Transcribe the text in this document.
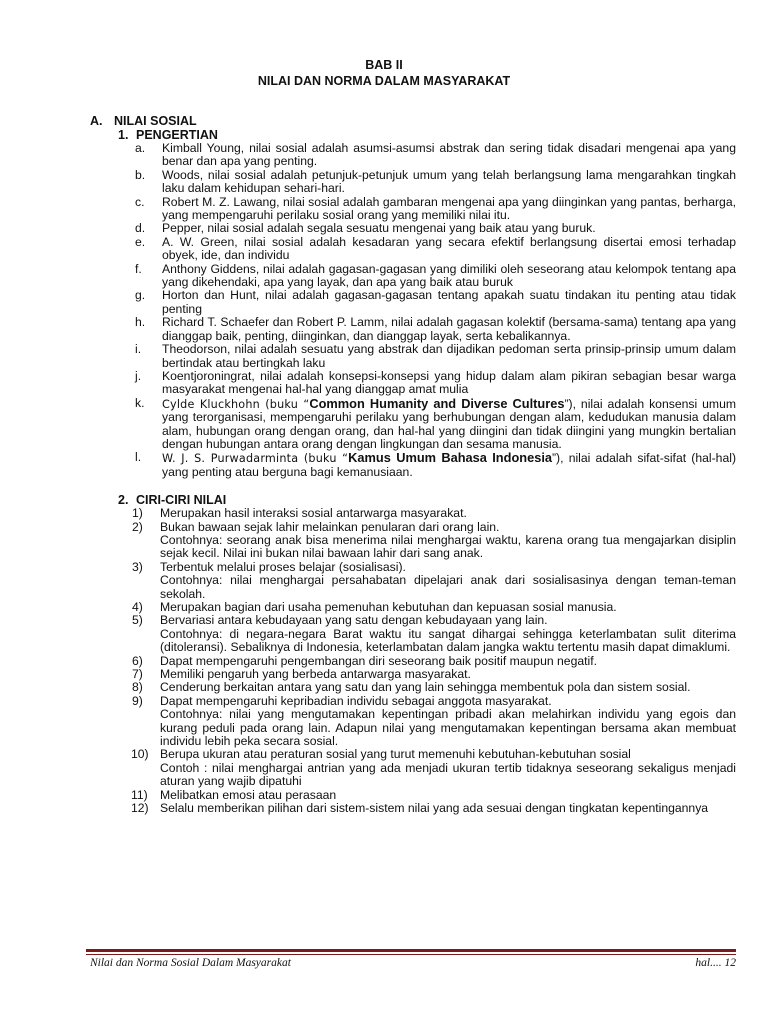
BAB II
NILAI DAN NORMA DALAM MASYARAKAT
A. NILAI SOSIAL
1. PENGERTIAN
a. Kimball Young, nilai sosial adalah asumsi-asumsi abstrak dan sering tidak disadari mengenai apa yang benar dan apa yang penting.
b. Woods, nilai sosial adalah petunjuk-petunjuk umum yang telah berlangsung lama mengarahkan tingkah laku dalam kehidupan sehari-hari.
c. Robert M. Z. Lawang, nilai sosial adalah gambaran mengenai apa yang diinginkan yang pantas, berharga, yang mempengaruhi perilaku sosial orang yang memiliki nilai itu.
d. Pepper, nilai sosial adalah segala sesuatu mengenai yang baik atau yang buruk.
e. A. W. Green, nilai sosial adalah kesadaran yang secara efektif berlangsung disertai emosi terhadap obyek, ide, dan individu
f. Anthony Giddens, nilai adalah gagasan-gagasan yang dimiliki oleh seseorang atau kelompok tentang apa yang dikehendaki, apa yang layak, dan apa yang baik atau buruk
g. Horton dan Hunt, nilai adalah gagasan-gagasan tentang apakah suatu tindakan itu penting atau tidak penting
h. Richard T. Schaefer dan Robert P. Lamm, nilai adalah gagasan kolektif (bersama-sama) tentang apa yang dianggap baik, penting, diinginkan, dan dianggap layak, serta kebalikannya.
i. Theodorson, nilai adalah sesuatu yang abstrak dan dijadikan pedoman serta prinsip-prinsip umum dalam bertindak atau bertingkah laku
j. Koentjoroningrat, nilai adalah konsepsi-konsepsi yang hidup dalam alam pikiran sebagian besar warga masyarakat mengenai hal-hal yang dianggap amat mulia
k. Cylde Kluckhohn (buku “Common Humanity and Diverse Cultures”), nilai adalah konsensi umum yang terorganisasi, mempengaruhi perilaku yang berhubungan dengan alam, kedudukan manusia dalam alam, hubungan orang dengan orang, dan hal-hal yang diingini dan tidak diingini yang mungkin bertalian dengan hubungan antara orang dengan lingkungan dan sesama manusia.
l. W. J. S. Purwadarminta (buku “Kamus Umum Bahasa Indonesia”), nilai adalah sifat-sifat (hal-hal) yang penting atau berguna bagi kemanusiaan.
2. CIRI-CIRI NILAI
1)	Merupakan hasil interaksi sosial antarwarga masyarakat.
2)	Bukan bawaan sejak lahir melainkan penularan dari orang lain.
Contohnya: seorang anak bisa menerima nilai menghargai waktu, karena orang tua mengajarkan disiplin sejak kecil. Nilai ini bukan nilai bawaan lahir dari sang anak.
3)	Terbentuk melalui proses belajar (sosialisasi).
Contohnya: nilai menghargai persahabatan dipelajari anak dari sosialisasinya dengan teman-teman sekolah.
4)	Merupakan bagian dari usaha pemenuhan kebutuhan dan kepuasan sosial manusia.
5)	Bervariasi antara kebudayaan yang satu dengan kebudayaan yang lain.
Contohnya: di negara-negara Barat waktu itu sangat dihargai sehingga keterlambatan sulit diterima (ditoleransi). Sebaliknya di Indonesia, keterlambatan dalam jangka waktu tertentu masih dapat dimaklumi.
6)	Dapat mempengaruhi pengembangan diri seseorang baik positif maupun negatif.
7)	Memiliki pengaruh yang berbeda antarwarga masyarakat.
8)	Cenderung berkaitan antara yang satu dan yang lain sehingga membentuk pola dan sistem sosial.
9)	Dapat mempengaruhi kepribadian individu sebagai anggota masyarakat.
Contohnya: nilai yang mengutamakan kepentingan pribadi akan melahirkan individu yang egois dan kurang peduli pada orang lain. Adapun nilai yang mengutamakan kepentingan bersama akan membuat individu lebih peka secara sosial.
10) Berupa ukuran atau peraturan sosial yang turut memenuhi kebutuhan-kebutuhan sosial
Contoh : nilai menghargai antrian yang ada menjadi ukuran tertib tidaknya seseorang sekaligus menjadi aturan yang wajib dipatuhi
11)	Melibatkan emosi atau perasaan
12) Selalu memberikan pilihan dari sistem-sistem nilai yang ada sesuai dengan tingkatan kepentingannya
Nilai dan Norma Sosial Dalam Masyarakat	hal.... 12
